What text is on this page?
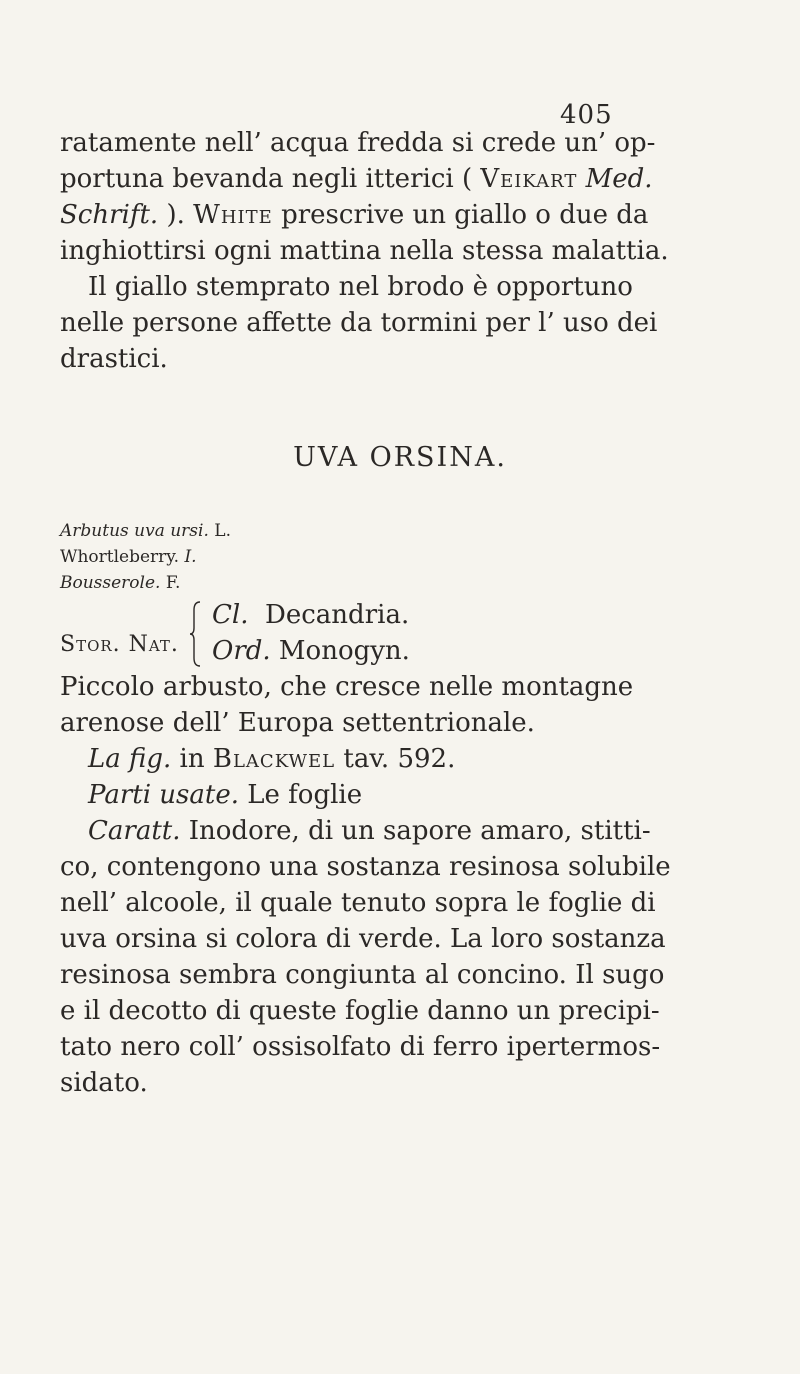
405
ratamente nell’ acqua fredda si crede un’ op-
portuna bevanda negli itterici ( Veikart Med.
Schrift. ). White prescrive un giallo o due da
inghiottirsi ogni mattina nella stessa malattia.
Il giallo stemprato nel brodo è opportuno
nelle persone affette da tormini per l’ uso dei
drastici.
UVA ORSINA.
Arbutus uva ursi. L.
Whortleberry. I.
Bousserole. F.
Stor. Nat.
Cl. Decandria.
Ord. Monogyn.
Piccolo arbusto, che cresce nelle montagne
arenose dell’ Europa settentrionale.
La fig. in Blackwel tav. 592.
Parti usate. Le foglie
Caratt. Inodore, di un sapore amaro, stitti-
co, contengono una sostanza resinosa solubile
nell’ alcoole, il quale tenuto sopra le foglie di
uva orsina si colora di verde. La loro sostanza
resinosa sembra congiunta al concino. Il sugo
e il decotto di queste foglie danno un precipi-
tato nero coll’ ossisolfato di ferro ipertermos-
sidato.
